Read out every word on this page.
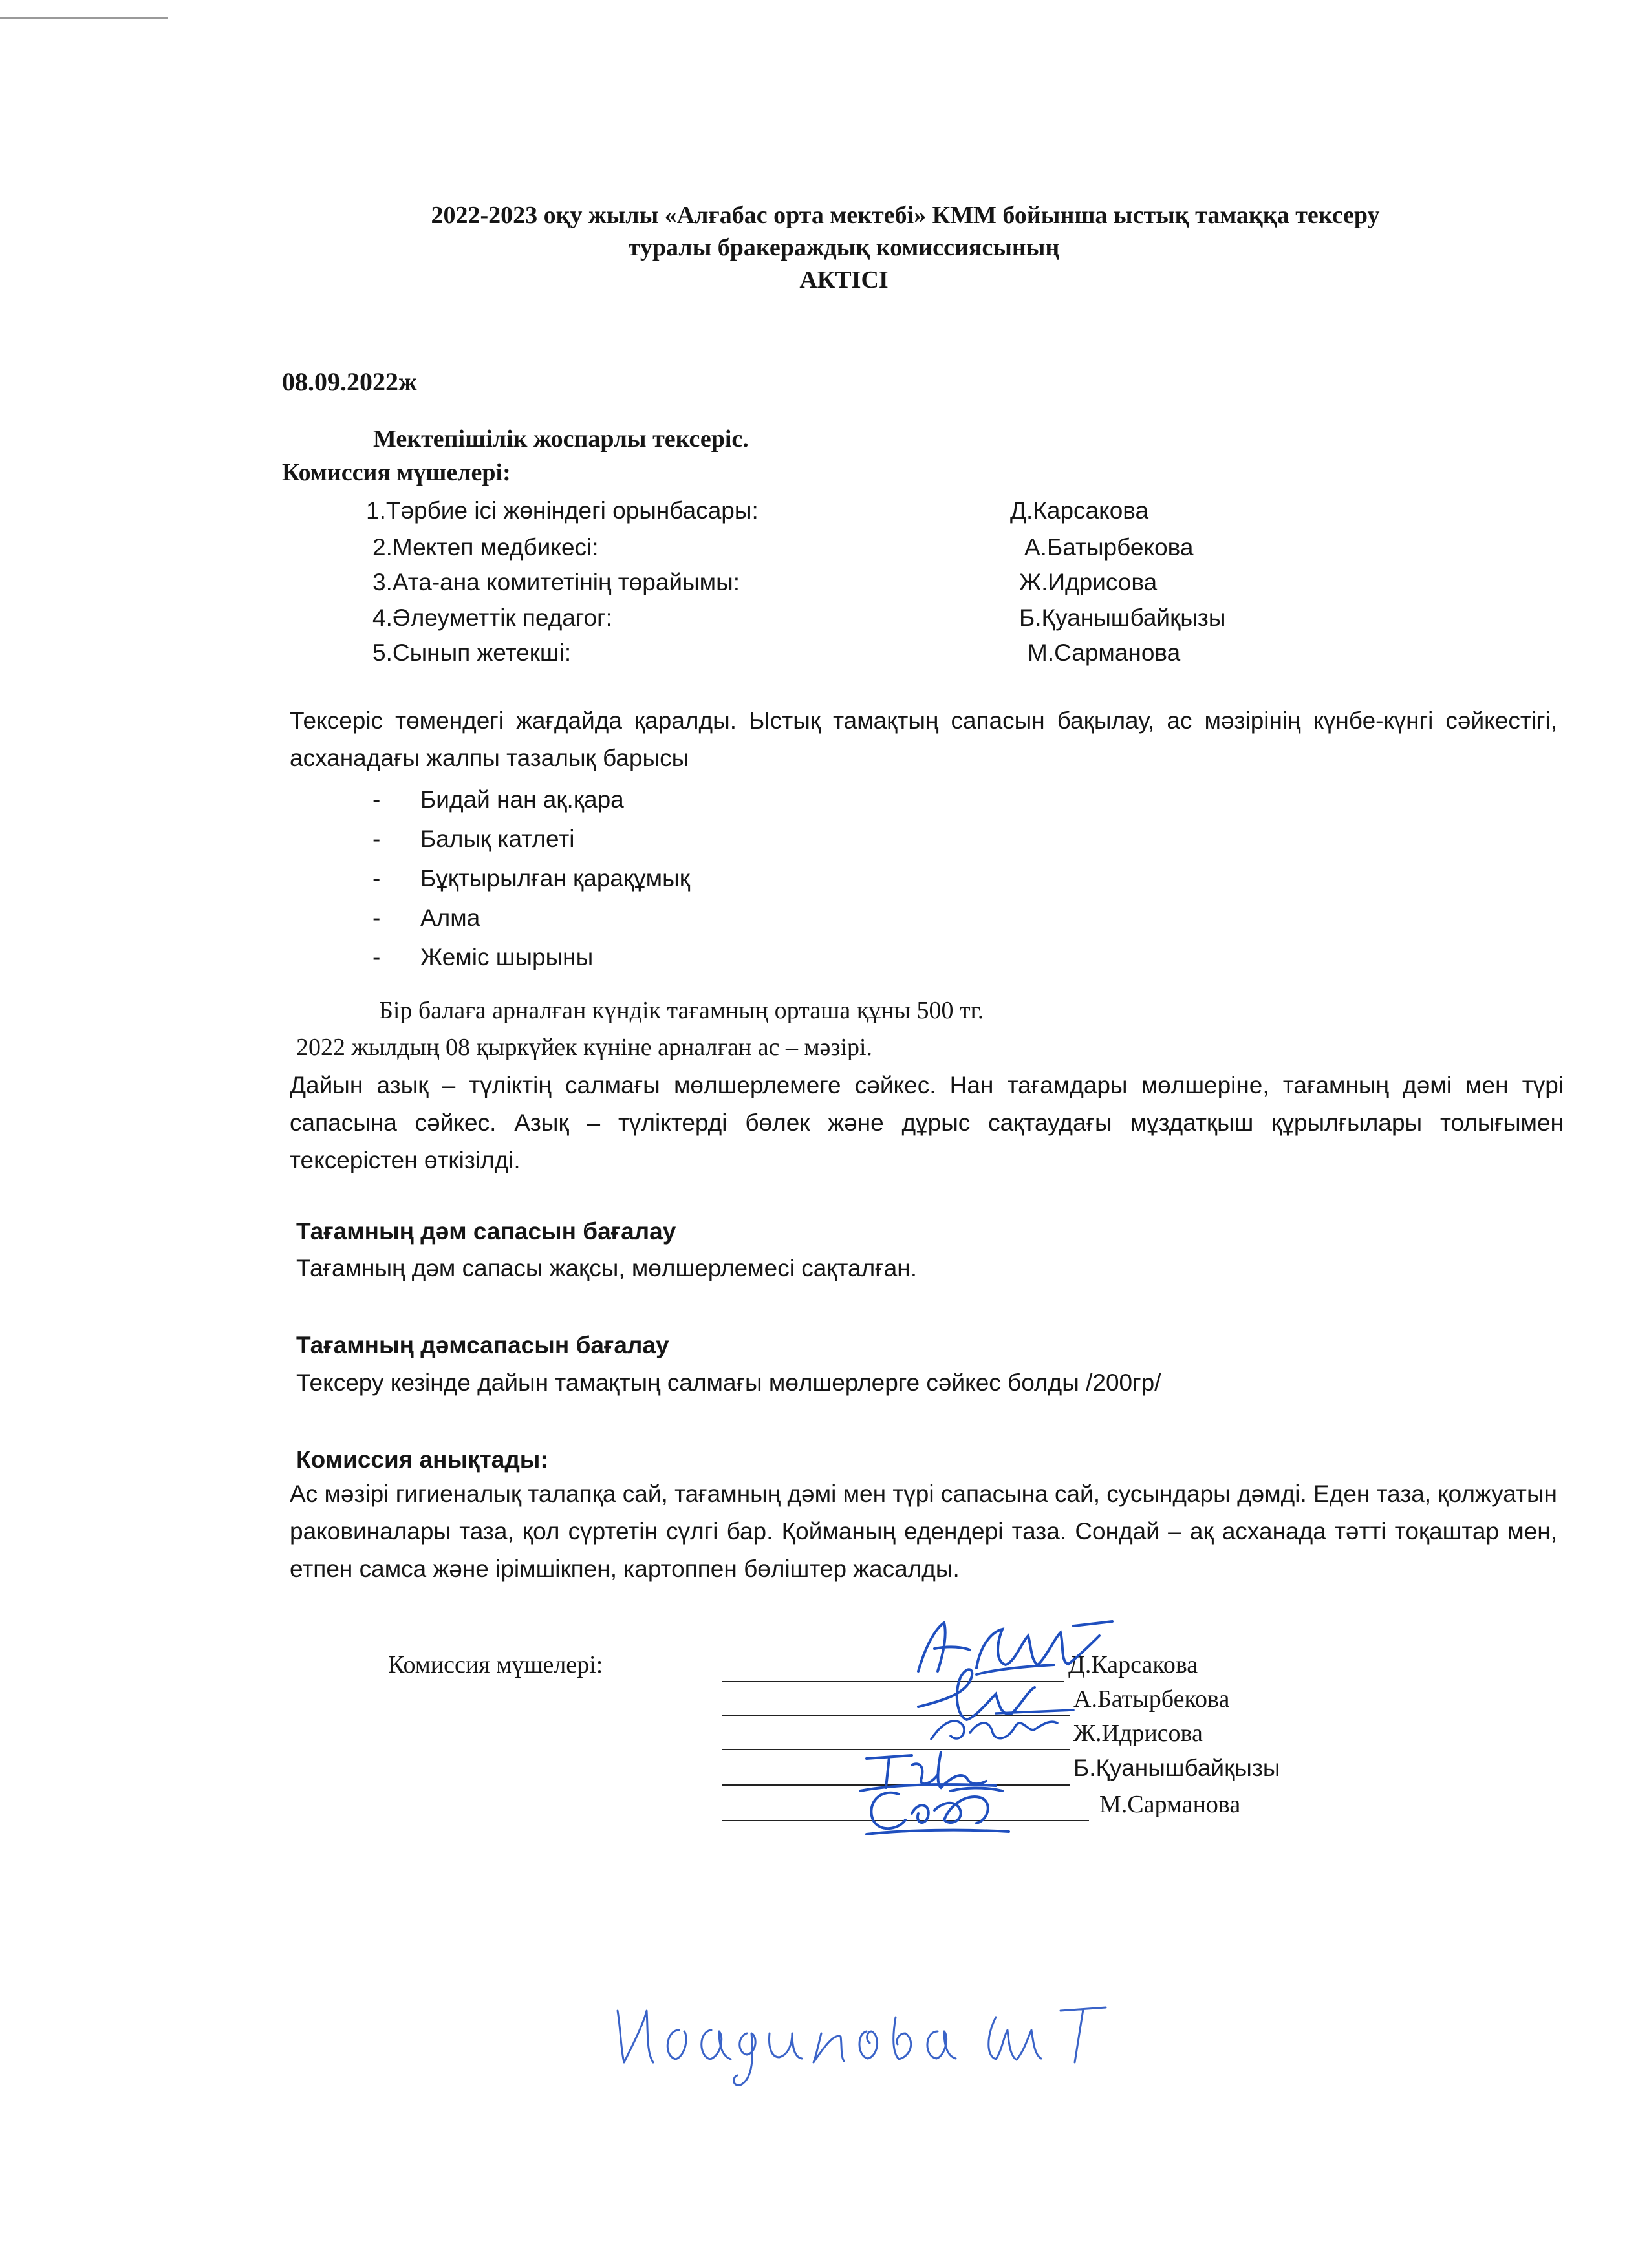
2022-2023 оқу жылы «Алғабас орта мектебі» КММ бойынша ыстық тамаққа тексеру
туралы бракераждық комиссиясының
АКТІСІ
08.09.2022ж
Мектепішілік жоспарлы тексеріс.
Комиссия мүшелері:
1.Тәрбие ісі жөніндегі орынбасары:	Д.Карсакова
2.Мектеп медбикесі:	А.Батырбекова
3.Ата-ана комитетінің төрайымы:	Ж.Идрисова
4.Әлеуметтік педагог:	Б.Қуанышбайқызы
5.Сынып жетекші:	М.Сарманова
Тексеріс төмендегі жағдайда қаралды. Ыстық тамақтың сапасын бақылау, ас мәзірінің күнбе-күнгі сәйкестігі, асханадағы жалпы тазалық барысы
- Бидай нан ақ.қара
- Балық катлеті
- Бұқтырылған қарақұмық
- Алма
- Жеміс шырыны
Бір балаға арналған күндік тағамның орташа құны 500 тг.
2022 жылдың 08 қыркүйек күніне арналған ас – мәзірі.
Дайын азық – түліктің салмағы мөлшерлемеге сәйкес. Нан тағамдары мөлшеріне, тағамның дәмі мен түрі сапасына сәйкес. Азық – түліктерді бөлек және дұрыс сақтаудағы мұздатқыш құрылғылары толығымен тексерістен өткізілді.
Тағамның дәм сапасын бағалау
Тағамның дәм сапасы жақсы, мөлшерлемесі сақталған.
Тағамның дәмсапасын бағалау
Тексеру кезінде дайын тамақтың салмағы мөлшерлерге сәйкес болды /200гр/
Комиссия анықтады:
Ас мәзірі гигиеналық талапқа сай, тағамның дәмі мен түрі сапасына сай, сусындары дәмді. Еден таза, қолжуатын раковиналары таза, қол сүртетін сүлгі бар. Қойманың едендері таза. Сондай – ақ асханада тәтті тоқаштар мен, етпен самса және ірімшікпен, картоппен бөліштер жасалды.
Комиссия мүшелері:	Д.Карсакова
А.Батырбекова
Ж.Идрисова
Б.Қуанышбайқызы
М.Сарманова
